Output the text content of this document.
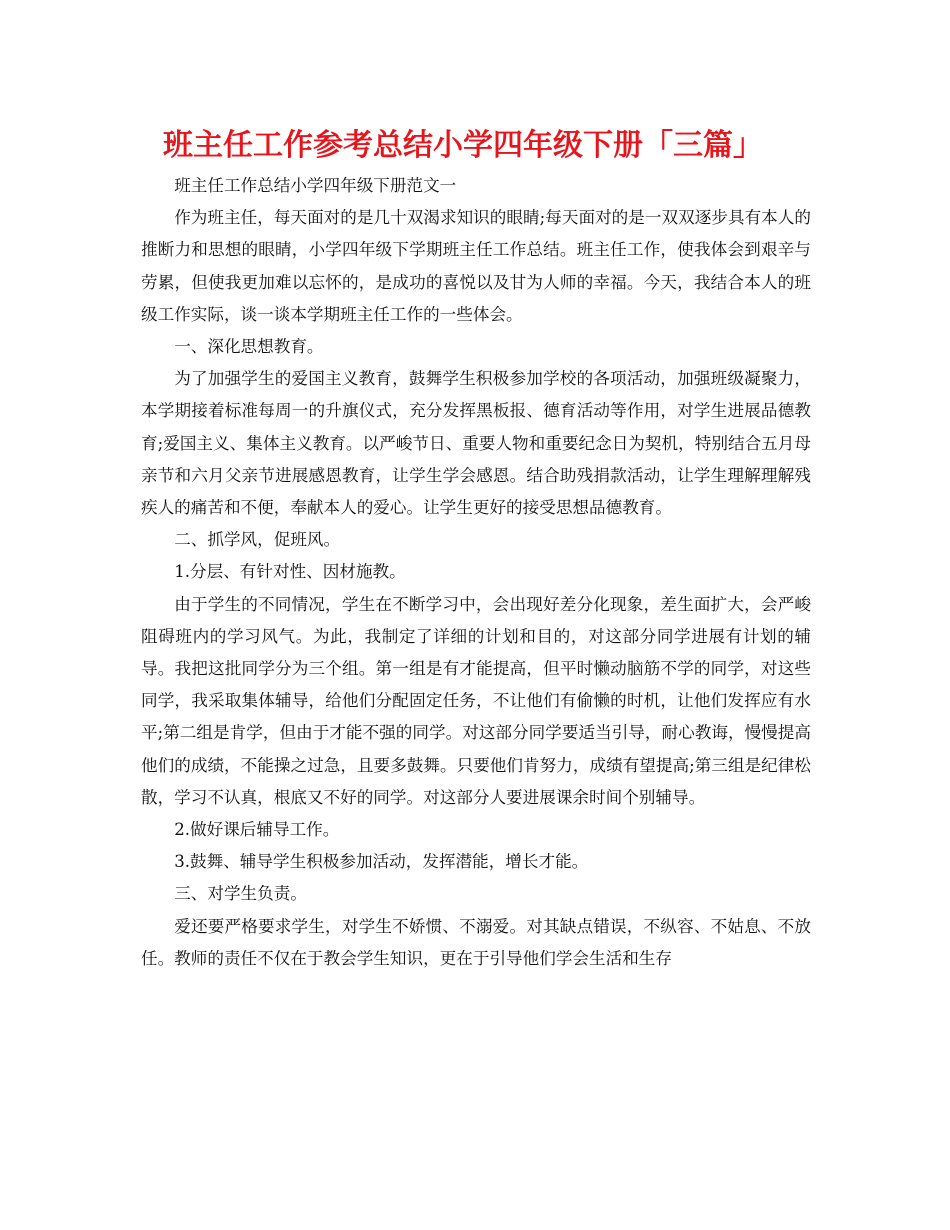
班主任工作参考总结小学四年级下册「三篇」

班主任工作总结小学四年级下册范文一

作为班主任，每天面对的是几十双渴求知识的眼睛;每天面对的是一双双逐步具有本人的推断力和思想的眼睛，小学四年级下学期班主任工作总结。班主任工作，使我体会到艰辛与劳累，但使我更加难以忘怀的，是成功的喜悦以及甘为人师的幸福。今天，我结合本人的班级工作实际，谈一谈本学期班主任工作的一些体会。

一、深化思想教育。

为了加强学生的爱国主义教育，鼓舞学生积极参加学校的各项活动，加强班级凝聚力，本学期接着标准每周一的升旗仪式，充分发挥黑板报、德育活动等作用，对学生进展品德教育;爱国主义、集体主义教育。以严峻节日、重要人物和重要纪念日为契机，特别结合五月母亲节和六月父亲节进展感恩教育，让学生学会感恩。结合助残捐款活动，让学生理解理解残疾人的痛苦和不便，奉献本人的爱心。让学生更好的接受思想品德教育。

二、抓学风，促班风。

1.分层、有针对性、因材施教。

由于学生的不同情况，学生在不断学习中，会出现好差分化现象，差生面扩大，会严峻阻碍班内的学习风气。为此，我制定了详细的计划和目的，对这部分同学进展有计划的辅导。我把这批同学分为三个组。第一组是有才能提高，但平时懒动脑筋不学的同学，对这些同学，我采取集体辅导，给他们分配固定任务，不让他们有偷懒的时机，让他们发挥应有水平;第二组是肯学，但由于才能不强的同学。对这部分同学要适当引导，耐心教诲，慢慢提高他们的成绩，不能操之过急，且要多鼓舞。只要他们肯努力，成绩有望提高;第三组是纪律松散，学习不认真，根底又不好的同学。对这部分人要进展课余时间个别辅导。

2.做好课后辅导工作。

3.鼓舞、辅导学生积极参加活动，发挥潜能，增长才能。

三、对学生负责。

爱还要严格要求学生，对学生不娇惯、不溺爱。对其缺点错误，不纵容、不姑息、不放任。教师的责任不仅在于教会学生知识，更在于引导他们学会生活和生存
